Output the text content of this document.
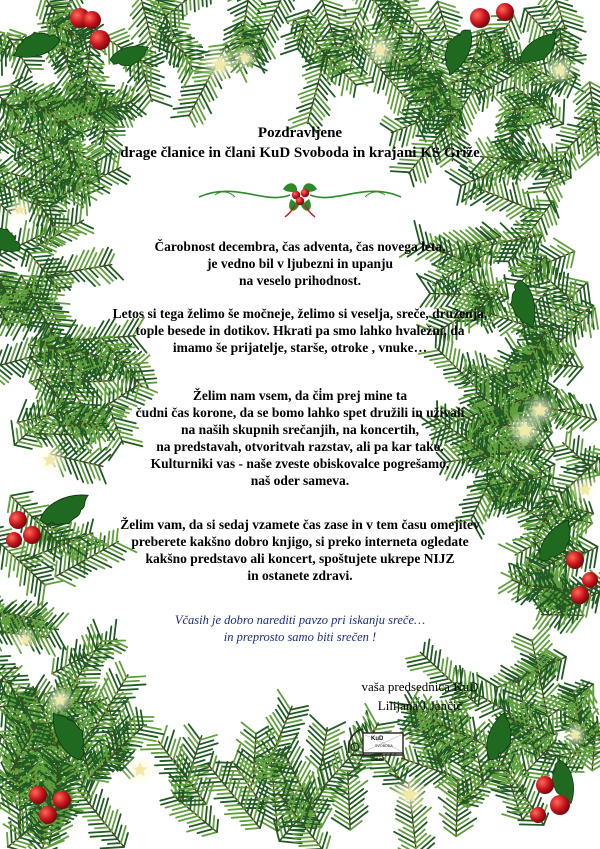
Pozdravljene
drage članice in člani KuD Svoboda in krajani KS Griže
Čarobnost decembra, čas adventa, čas novega leta,
je vedno bil v ljubezni in upanju
na veselo prihodnost.
Letos si tega želimo še močneje, želimo si veselja, sreče, druženja,
tople besede in dotikov. Hkrati pa smo lahko hvaležni, da
imamo še prijatelje, starše, otroke , vnuke…
Želim nam vsem, da či̇m prej mine ta
čudni čas korone, da se bomo lahko spet družili in uživali
na naših skupnih srečanjih, na koncertih,
na predstavah, otvoritvah razstav, ali pa kar tako.
Kulturniki vas - naše zveste obiskovalce pogrešamo,
naš oder sameva.
Želim vam, da si sedaj vzamete čas zase in v tem času omejitev
preberete kakšno dobro knjigo, si preko interneta ogledate
kakšno predstavo ali koncert, spoštujete ukrepe NIJZ
in ostanete zdravi.
Včasih je dobro narediti pavzo pri iskanju sreče…
in preprosto samo biti srečen !
vaša predsednica KuD
Lilijana J.Jančič
KuD
SVOBODA
GRIŽE
